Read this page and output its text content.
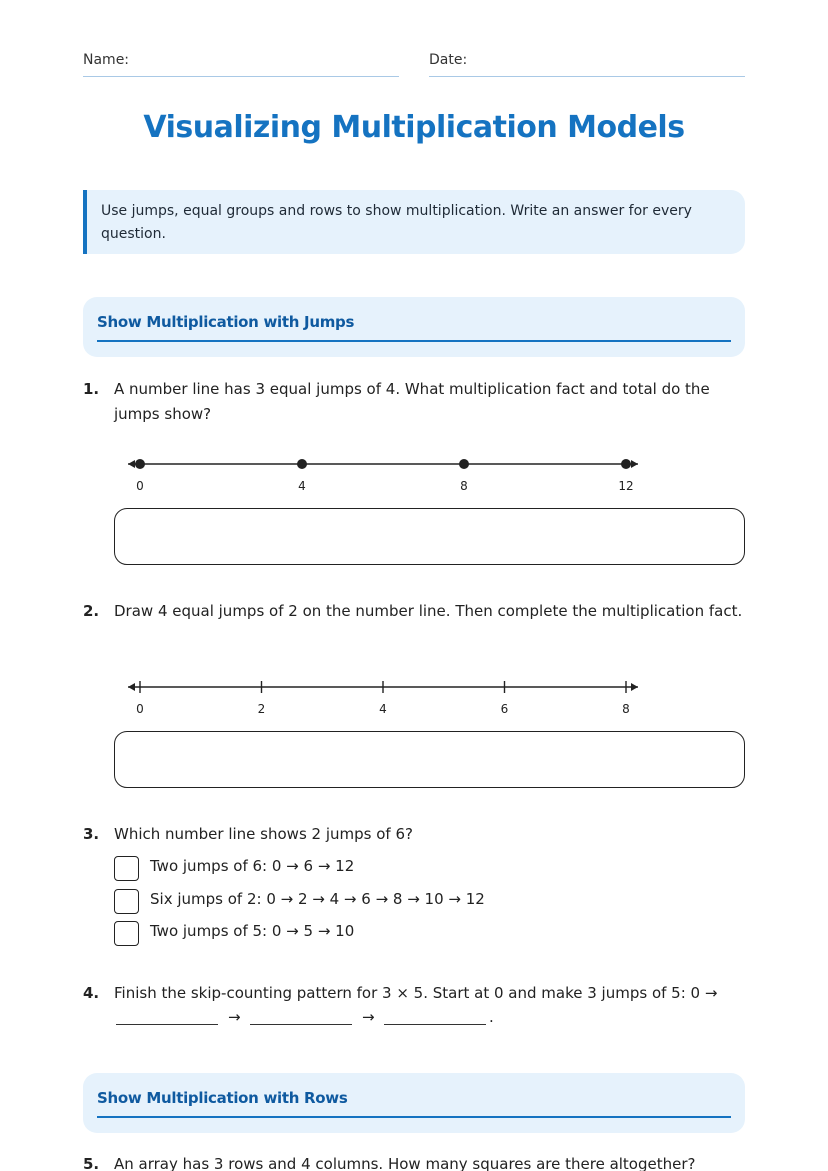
Name:	Date:
Visualizing Multiplication Models
Use jumps, equal groups and rows to show multiplication. Write an answer for every question.
Show Multiplication with Jumps
1. A number line has 3 equal jumps of 4. What multiplication fact and total do the jumps show?
0	4	8	12
2. Draw 4 equal jumps of 2 on the number line. Then complete the multiplication fact.
0	2	4	6	8
3. Which number line shows 2 jumps of 6?
Two jumps of 6: 0 → 6 → 12
Six jumps of 2: 0 → 2 → 4 → 6 → 8 → 10 → 12
Two jumps of 5: 0 → 5 → 10
4. Finish the skip-counting pattern for 3 × 5. Start at 0 and make 3 jumps of 5: 0 →
→	→	.
Show Multiplication with Rows
5. An array has 3 rows and 4 columns. How many squares are there altogether?
